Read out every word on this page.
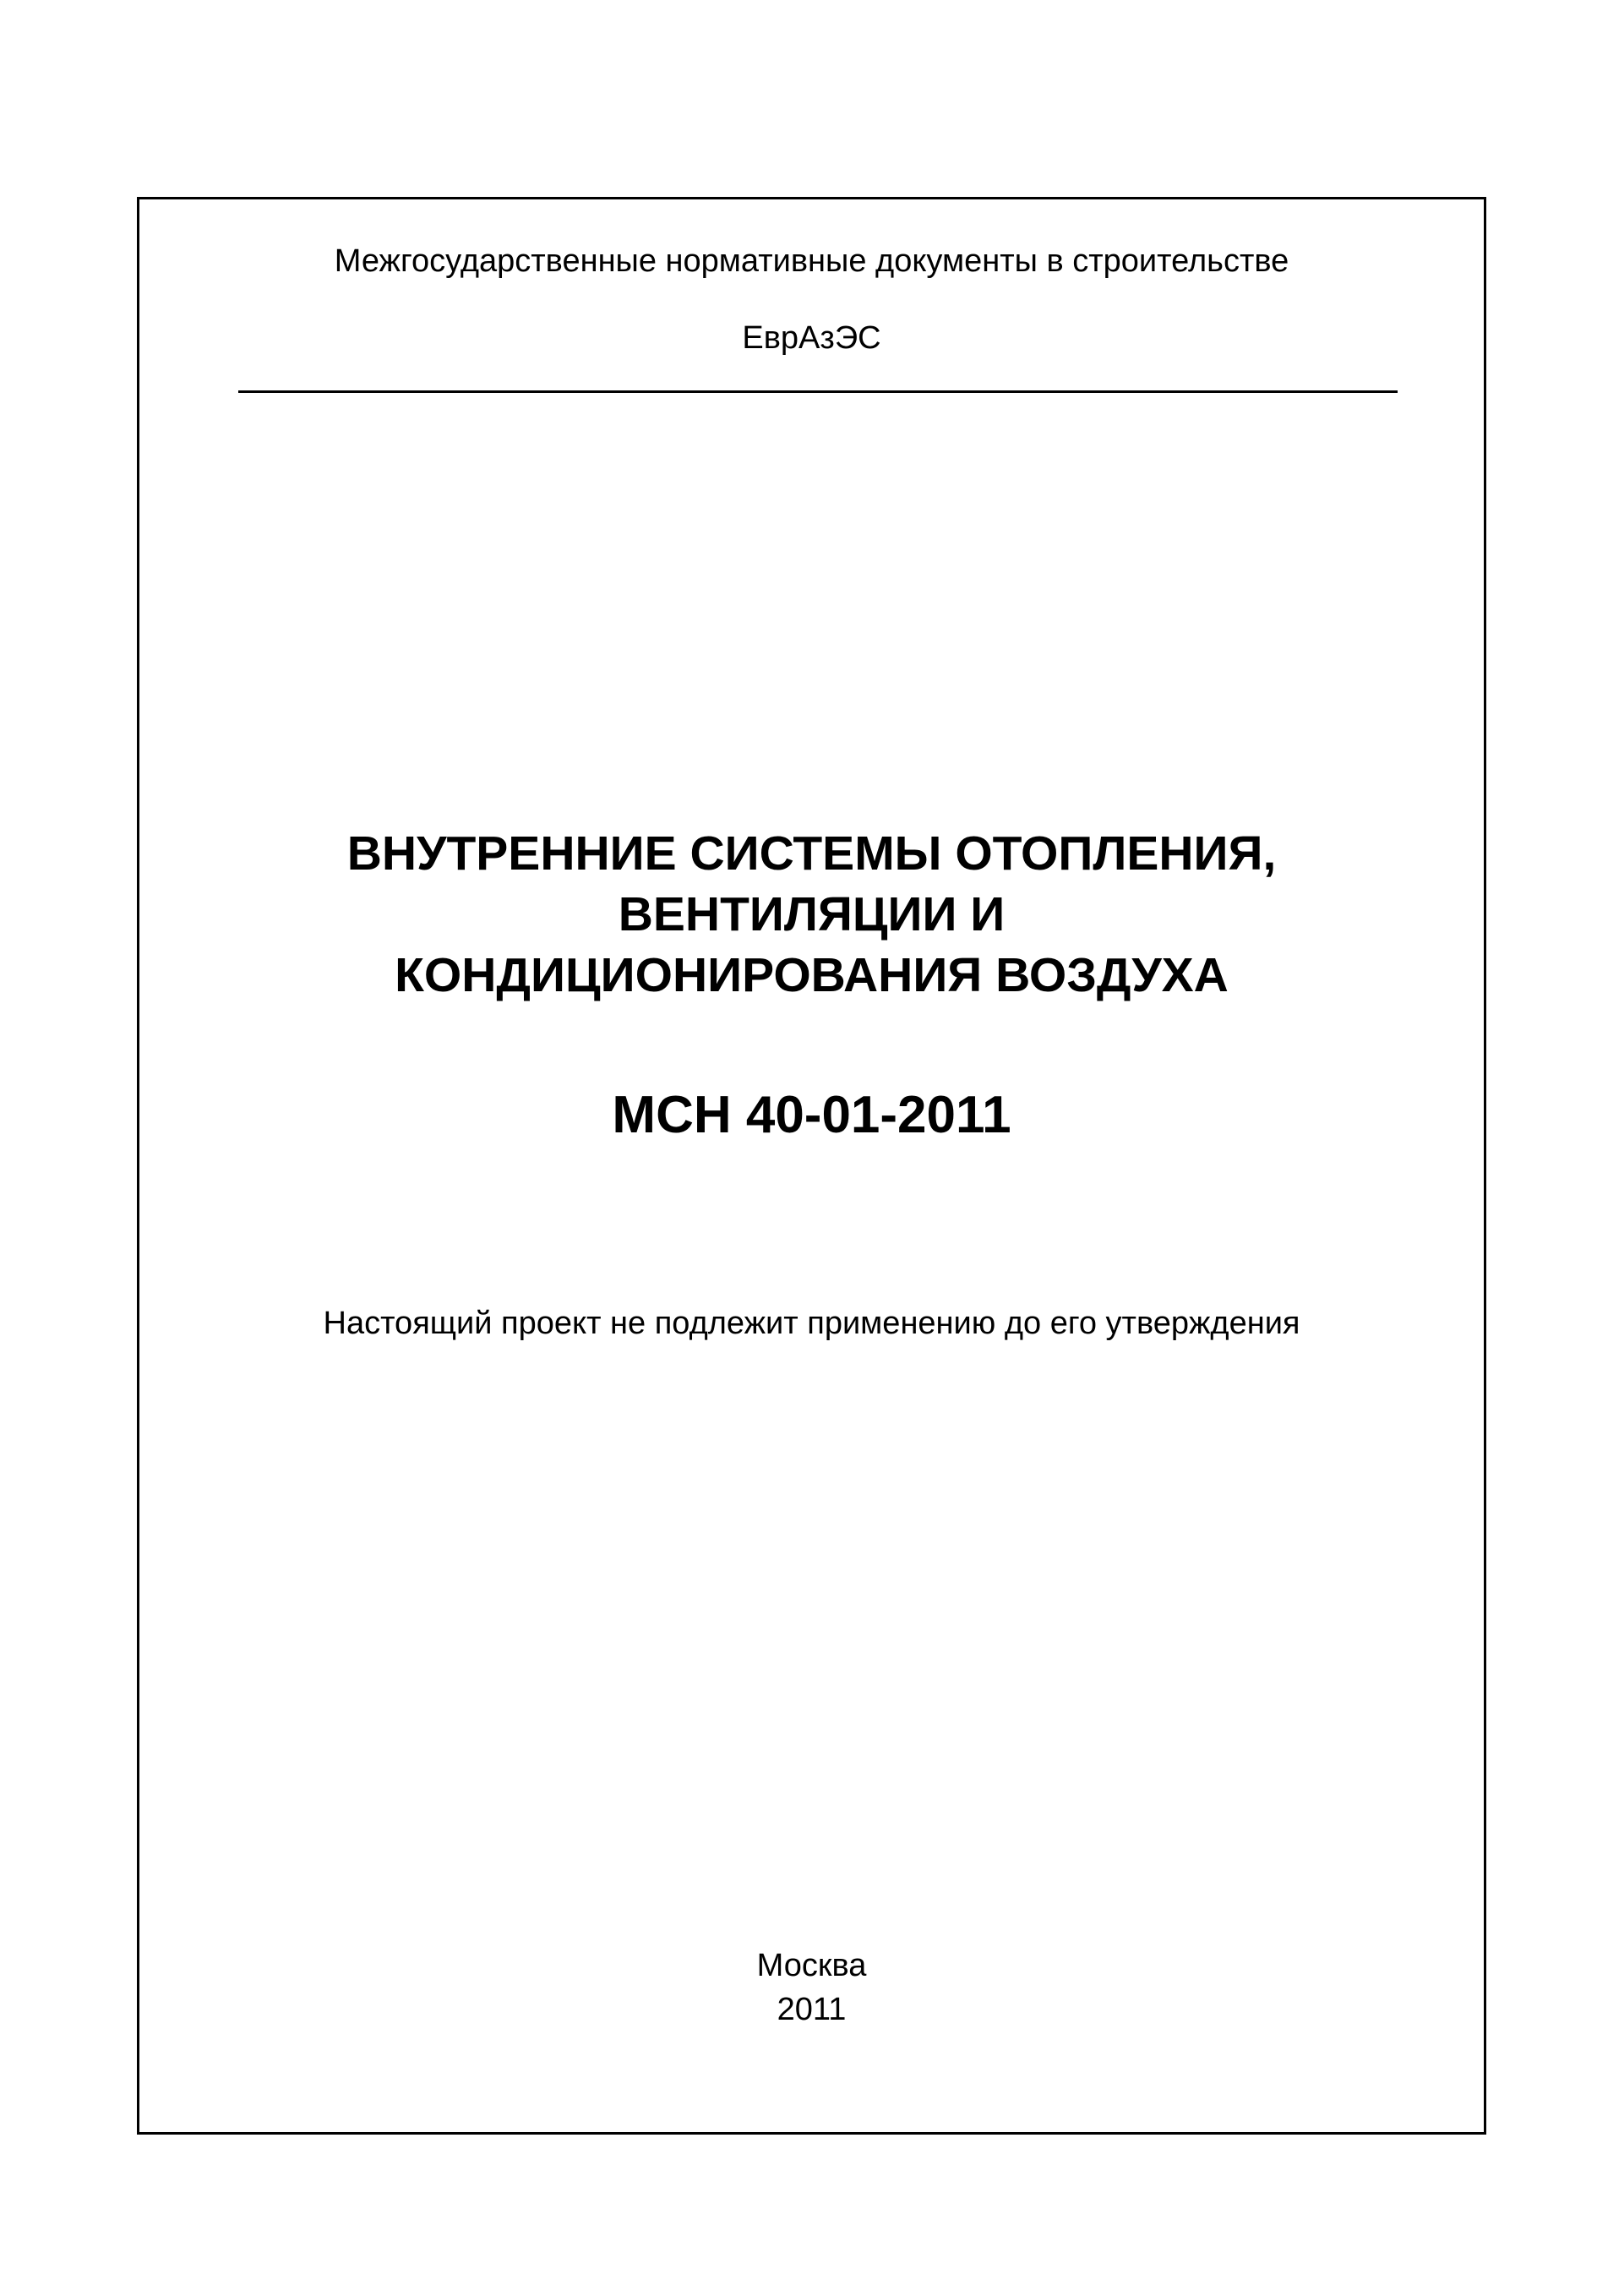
Межгосударственные нормативные документы в строительстве
ЕврАзЭС
ВНУТРЕННИЕ СИСТЕМЫ ОТОПЛЕНИЯ,
ВЕНТИЛЯЦИИ И
КОНДИЦИОНИРОВАНИЯ ВОЗДУХА
МСН 40-01-2011
Настоящий проект не подлежит применению до его утверждения
Москва
2011
